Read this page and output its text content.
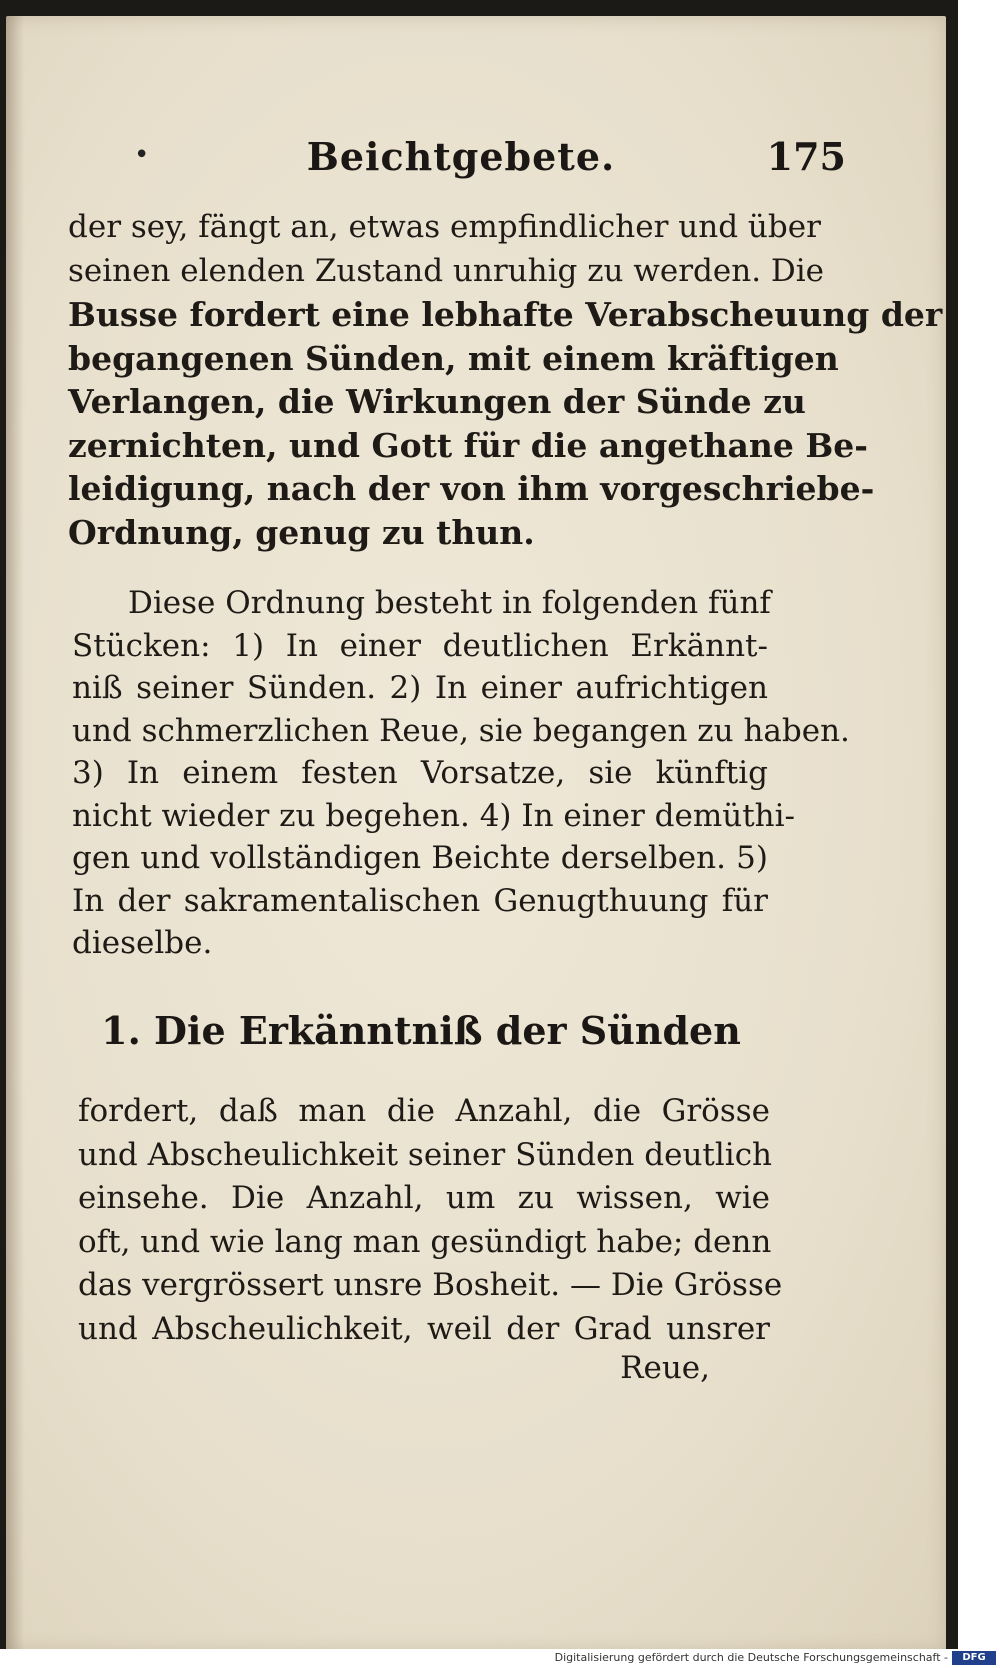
•	Beichtgebete.	175
der sey, fängt an, etwas empfindlicher und über
seinen elenden Zustand unruhig zu werden. Die
Busse fordert eine lebhafte Verabscheuung der
begangenen Sünden, mit einem kräftigen
Verlangen, die Wirkungen der Sünde zu
zernichten, und Gott für die angethane Be-
leidigung, nach der von ihm vorgeschriebe-
Ordnung, genug zu thun.
Diese Ordnung besteht in folgenden fünf
Stücken: 1) In einer deutlichen Erkännt-
niß seiner Sünden. 2) In einer aufrichtigen
und schmerzlichen Reue, sie begangen zu haben.
3) In einem festen Vorsatze, sie künftig
nicht wieder zu begehen. 4) In einer demüthi-
gen und vollständigen Beichte derselben. 5)
In der sakramentalischen Genugthuung für
dieselbe.
1. Die Erkänntniß der Sünden
fordert, daß man die Anzahl, die Grösse
und Abscheulichkeit seiner Sünden deutlich
einsehe. Die Anzahl, um zu wissen, wie
oft, und wie lang man gesündigt habe; denn
das vergrössert unsre Bosheit. — Die Grösse
und Abscheulichkeit, weil der Grad unsrer
Reue,
Digitalisierung gefördert durch die Deutsche Forschungsgemeinschaft -	DFG
